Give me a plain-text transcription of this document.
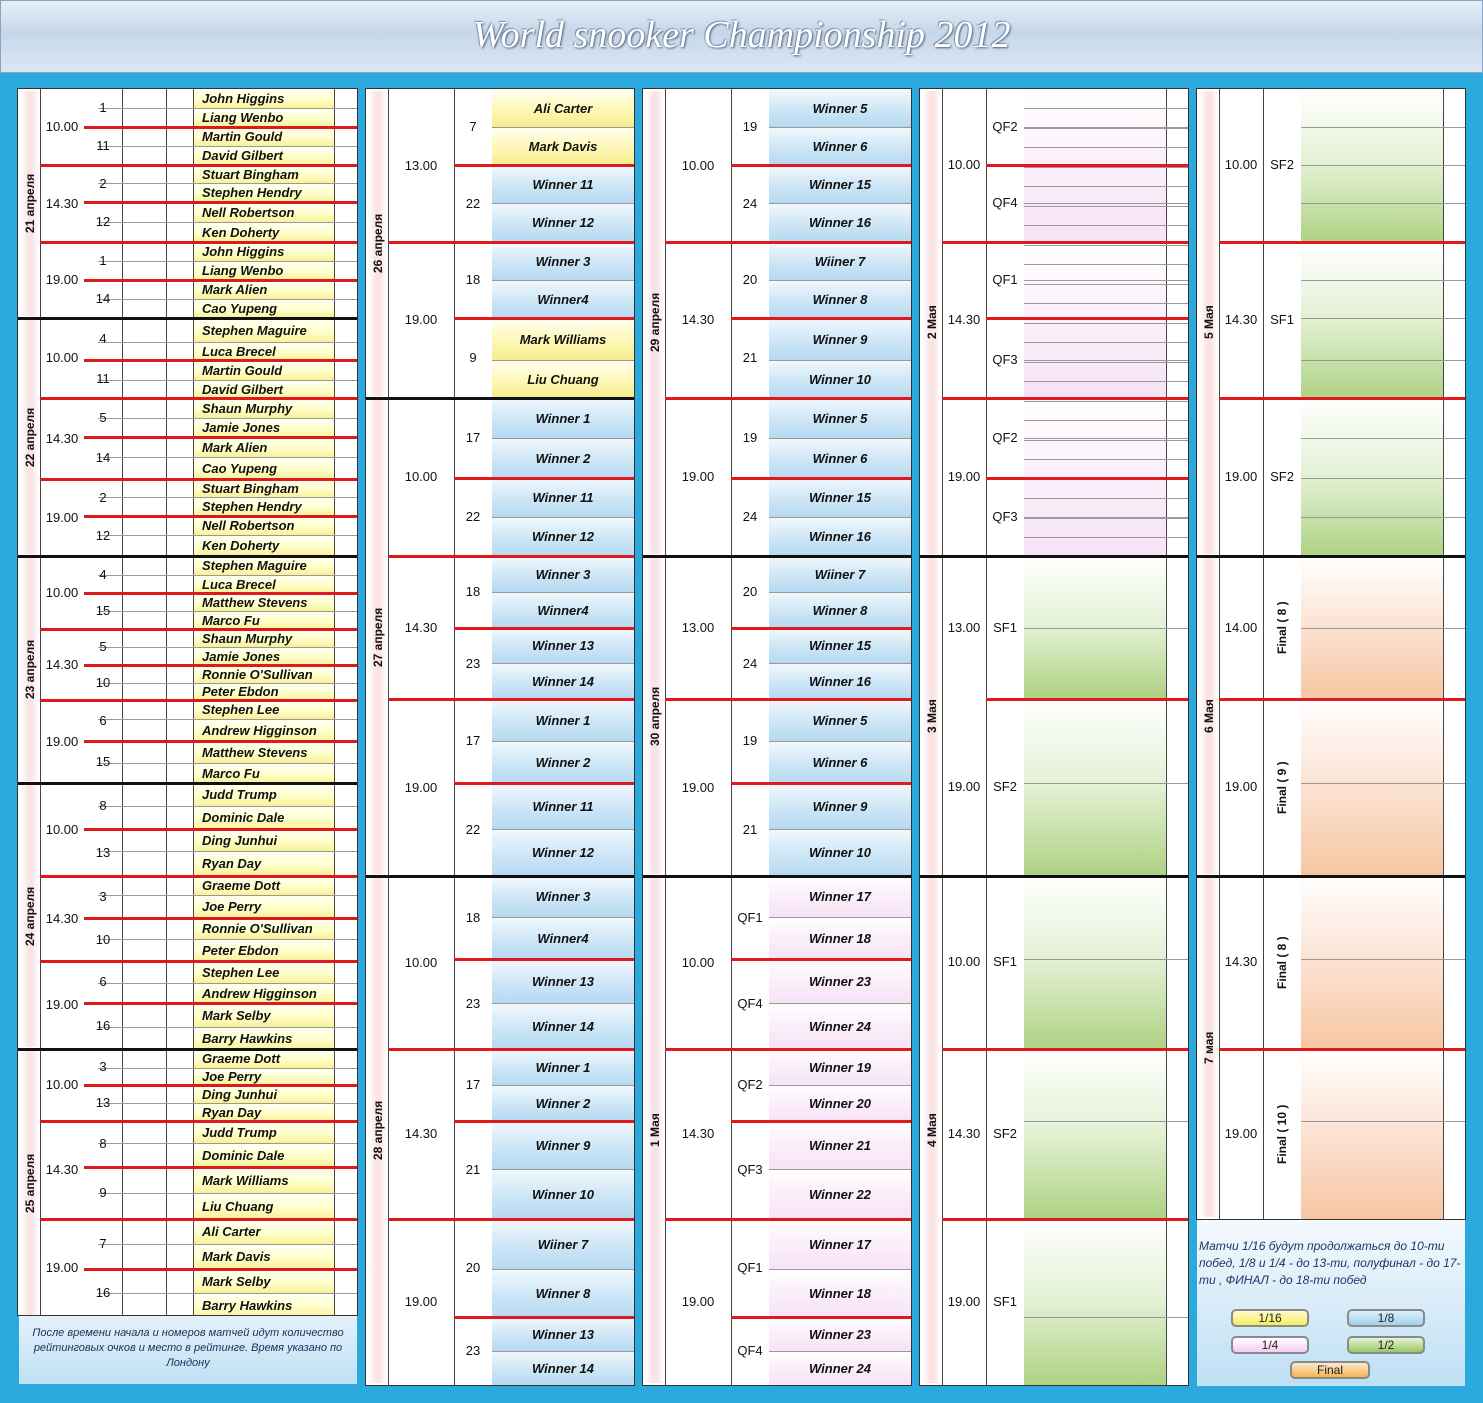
World snooker Championship 2012
John Higgins
Liang Wenbo
Martin Gould
David Gilbert
Stuart Bingham
Stephen Hendry
Nell Robertson
Ken Doherty
John Higgins
Liang Wenbo
Mark Alien
Cao Yupeng
Stephen Maguire
Luca Brecel
Martin Gould
David Gilbert
Shaun Murphy
Jamie Jones
Mark Alien
Cao Yupeng
Stuart Bingham
Stephen Hendry
Nell Robertson
Ken Doherty
Stephen Maguire
Luca Brecel
Matthew Stevens
Marco Fu
Shaun Murphy
Jamie Jones
Ronnie O'Sullivan
Peter Ebdon
Stephen Lee
Andrew Higginson
Matthew Stevens
Marco Fu
Judd Trump
Dominic Dale
Ding Junhui
Ryan Day
Graeme Dott
Joe Perry
Ronnie O'Sullivan
Peter Ebdon
Stephen Lee
Andrew Higginson
Mark Selby
Barry Hawkins
Graeme Dott
Joe Perry
Ding Junhui
Ryan Day
Judd Trump
Dominic Dale
Mark Williams
Liu Chuang
Ali Carter
Mark Davis
Mark Selby
Barry Hawkins
21 апреля
10.00
14.30
19.00
22 апреля
10.00
14.30
19.00
23 апреля
10.00
14.30
19.00
24 апреля
10.00
14.30
19.00
25 апреля
10.00
14.30
19.00
1
11
2
12
1
14
4
11
5
14
2
12
4
15
5
10
6
15
8
13
3
10
6
16
3
13
8
9
7
16
Ali Carter
Mark Davis
Winner 11
Winner 12
Winner 3
Winner4
Mark Williams
Liu Chuang
Winner 1
Winner 2
Winner 11
Winner 12
Winner 3
Winner4
Winner 13
Winner 14
Winner 1
Winner 2
Winner 11
Winner 12
Winner 3
Winner4
Winner 13
Winner 14
Winner 1
Winner 2
Winner 9
Winner 10
Wiiner 7
Winner 8
Winner 13
Winner 14
7
22
18
9
17
22
18
23
17
22
18
23
17
21
20
23
13.00
19.00
10.00
14.30
19.00
10.00
14.30
19.00
26 апреля
27 апреля
28 апреля
Winner 5
Winner 6
Winner 15
Winner 16
Wiiner 7
Winner 8
Winner 9
Winner 10
Winner 5
Winner 6
Winner 15
Winner 16
Wiiner 7
Winner 8
Winner 15
Winner 16
Winner 5
Winner 6
Winner 9
Winner 10
Winner 17
Winner 18
Winner 23
Winner 24
Winner 19
Winner 20
Winner 21
Winner 22
Winner 17
Winner 18
Winner 23
Winner 24
19
24
20
21
19
24
20
24
19
21
QF1
QF4
QF2
QF3
QF1
QF4
10.00
14.30
19.00
13.00
19.00
10.00
14.30
19.00
29 апреля
30 апреля
1 Мая
QF2
QF4
QF1
QF3
QF2
QF3
SF1
SF2
SF1
SF2
SF1
10.00
14.30
19.00
13.00
19.00
10.00
14.30
19.00
2 Мая
3 Мая
4 Мая
SF2
SF1
SF2
10.00
14.30
19.00
14.00
19.00
14.30
19.00
Final ( 8 )
Final ( 9 )
Final ( 8 )
Final ( 10 )
5 Мая
6 Мая
7 мая
После времени начала и номеров матчей идут количество рейтинговых очков и место в рейтинге. Время указано по Лондону
Матчи 1/16 будут продолжаться до 10-ти побед, 1/8 и 1/4 - до 13-ти, полуфинал - до 17-ти , ФИНАЛ - до 18-ти побед
1/16	1/8
1/4	1/2
Final
